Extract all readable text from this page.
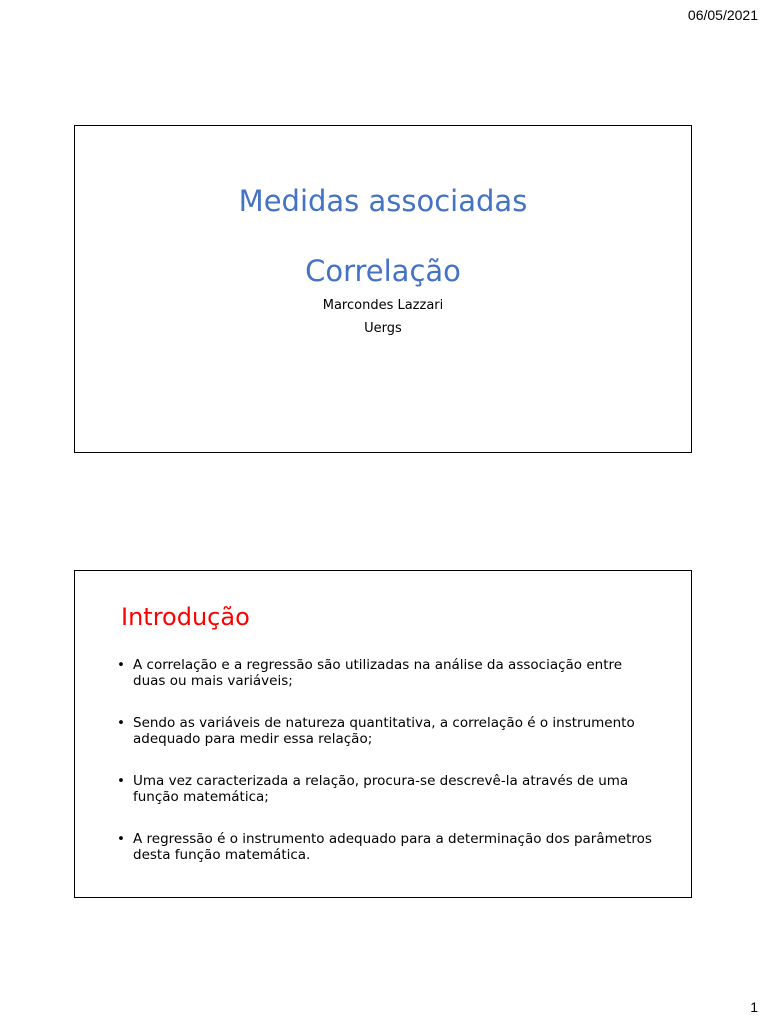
06/05/2021
Medidas associadas
Correlação
Marcondes Lazzari
Uergs
Introdução
• A correlação e a regressão são utilizadas na análise da associação entre duas ou mais variáveis;
• Sendo as variáveis de natureza quantitativa, a correlação é o instrumento adequado para medir essa relação;
• Uma vez caracterizada a relação, procura-se descrevê-la através de uma função matemática;
• A regressão é o instrumento adequado para a determinação dos parâmetros desta função matemática.
1
